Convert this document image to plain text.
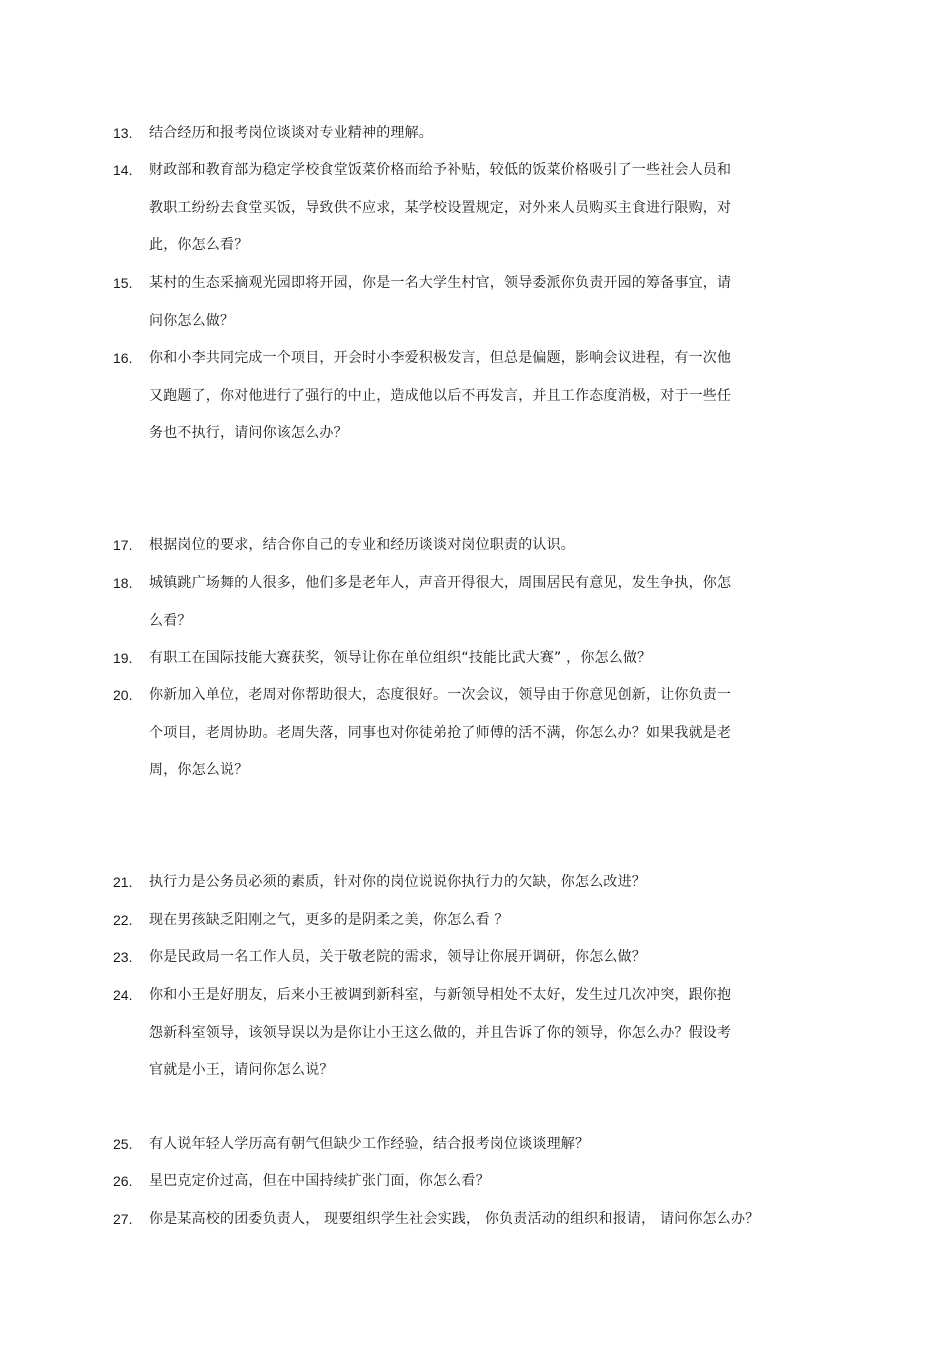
13.	结合经历和报考岗位谈谈对专业精神的理解。
14.	财政部和教育部为稳定学校食堂饭菜价格而给予补贴，较低的饭菜价格吸引了一些社会人员和
教职工纷纷去食堂买饭，导致供不应求，某学校设置规定，对外来人员购买主食进行限购，对
此，你怎么看？
15.	某村的生态采摘观光园即将开园，你是一名大学生村官，领导委派你负责开园的筹备事宜，请
问你怎么做？
16.	你和小李共同完成一个项目，开会时小李爱积极发言，但总是偏题，影响会议进程，有一次他
又跑题了，你对他进行了强行的中止，造成他以后不再发言，并且工作态度消极，对于一些任
务也不执行，请问你该怎么办？
17.	根据岗位的要求，结合你自己的专业和经历谈谈对岗位职责的认识。
18.	城镇跳广场舞的人很多，他们多是老年人，声音开得很大，周围居民有意见，发生争执，你怎
么看？
19.	有职工在国际技能大赛获奖，领导让你在单位组织“技能比武大赛” ，你怎么做？
20.	你新加入单位，老周对你帮助很大，态度很好。一次会议，领导由于你意见创新，让你负责一
个项目，老周协助。老周失落，同事也对你徒弟抢了师傅的活不满，你怎么办？如果我就是老
周，你怎么说？
21.	执行力是公务员必须的素质，针对你的岗位说说你执行力的欠缺，你怎么改进？
22.	现在男孩缺乏阳刚之气，更多的是阴柔之美，你怎么看 ？
23.	你是民政局一名工作人员，关于敬老院的需求，领导让你展开调研，你怎么做？
24.	你和小王是好朋友，后来小王被调到新科室，与新领导相处不太好，发生过几次冲突，跟你抱
怨新科室领导，该领导误以为是你让小王这么做的，并且告诉了你的领导，你怎么办？假设考
官就是小王，请问你怎么说？
25.	有人说年轻人学历高有朝气但缺少工作经验，结合报考岗位谈谈理解？
26.	星巴克定价过高，但在中国持续扩张门面，你怎么看？
27.	你是某高校的团委负责人， 现要组织学生社会实践， 你负责活动的组织和报请， 请问你怎么办？
